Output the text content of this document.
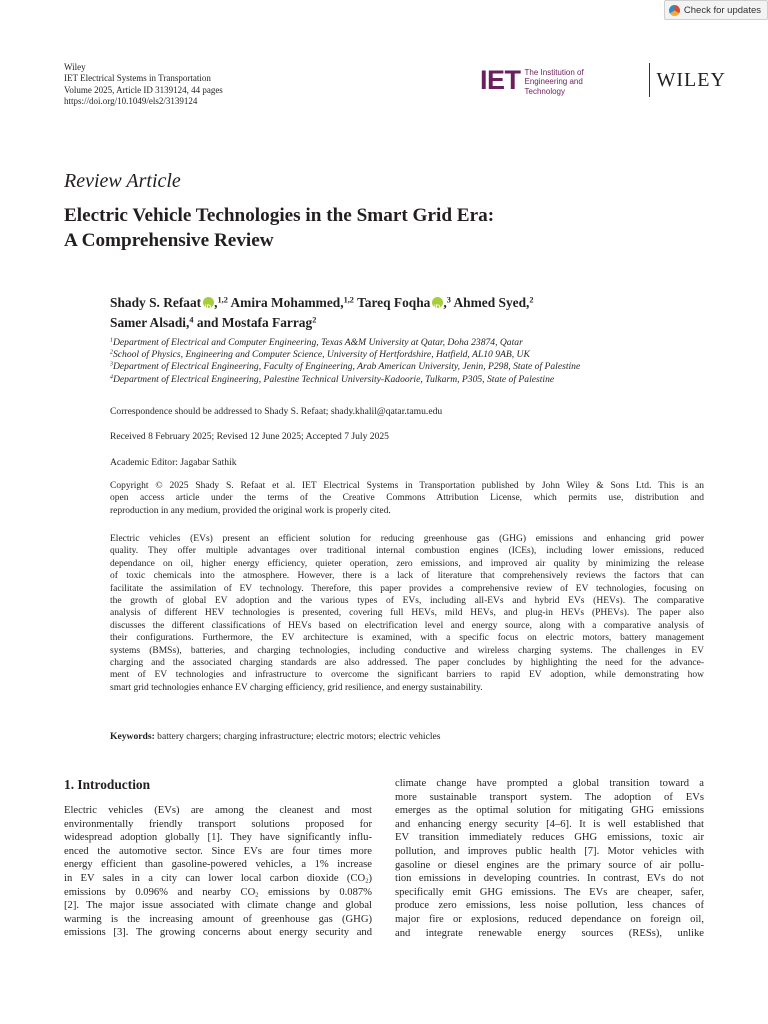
Check for updates
Wiley
IET Electrical Systems in Transportation
Volume 2025, Article ID 3139124, 44 pages
https://doi.org/10.1049/els2/3139124
IET The Institution of
Engineering and Technology
WILEY
Review Article
Electric Vehicle Technologies in the Smart Grid Era:
A Comprehensive Review
Shady S. Refaat iD ,$^{1,2}$ Amira Mohammed,$^{1,2}$ Tareq Foqha iD ,$^3$ Ahmed Syed,$^2$
Samer Alsadi,$^4$ and Mostafa Farrag$^2$
$^1$Department of Electrical and Computer Engineering, Texas A&M University at Qatar, Doha 23874, Qatar
$^2$School of Physics, Engineering and Computer Science, University of Hertfordshire, Hatfield, AL10 9AB, UK
$^3$Department of Electrical Engineering, Faculty of Engineering, Arab American University, Jenin, P298, State of Palestine
$^4$Department of Electrical Engineering, Palestine Technical University-Kadoorie, Tulkarm, P305, State of Palestine
Correspondence should be addressed to Shady S. Refaat; shady.khalil@qatar.tamu.edu
Received 8 February 2025; Revised 12 June 2025; Accepted 7 July 2025
Academic Editor: Jagabar Sathik
Copyright © 2025 Shady S. Refaat et al. IET Electrical Systems in Transportation published by John Wiley & Sons Ltd. This is an
open access article under the terms of the Creative Commons Attribution License, which permits use, distribution and
reproduction in any medium, provided the original work is properly cited.
Electric vehicles (EVs) present an efficient solution for reducing greenhouse gas (GHG) emissions and enhancing grid power
quality. They offer multiple advantages over traditional internal combustion engines (ICEs), including lower emissions, reduced
dependance on oil, higher energy efficiency, quieter operation, zero emissions, and improved air quality by minimizing the release
of toxic chemicals into the atmosphere. However, there is a lack of literature that comprehensively reviews the factors that can
facilitate the assimilation of EV technology. Therefore, this paper provides a comprehensive review of EV technologies, focusing on
the growth of global EV adoption and the various types of EVs, including all-EVs and hybrid EVs (HEVs). The comparative
analysis of different HEV technologies is presented, covering full HEVs, mild HEVs, and plug-in HEVs (PHEVs). The paper also
discusses the different classifications of HEVs based on electrification level and energy source, along with a comparative analysis of
their configurations. Furthermore, the EV architecture is examined, with a specific focus on electric motors, battery management
systems (BMSs), batteries, and charging technologies, including conductive and wireless charging systems. The challenges in EV
charging and the associated charging standards are also addressed. The paper concludes by highlighting the need for the advance-
ment of EV technologies and infrastructure to overcome the significant barriers to rapid EV adoption, while demonstrating how
smart grid technologies enhance EV charging efficiency, grid resilience, and energy sustainability.
Keywords: battery chargers; charging infrastructure; electric motors; electric vehicles
1. Introduction
Electric vehicles (EVs) are among the cleanest and most
environmentally friendly transport solutions proposed for
widespread adoption globally [1]. They have significantly influ-
enced the automotive sector. Since EVs are four times more
energy efficient than gasoline-powered vehicles, a 1% increase
in EV sales in a city can lower local carbon dioxide $(CO_2)$
emissions by 0.096% and nearby $CO_2$ emissions by 0.087%
[2]. The major issue associated with climate change and global
warming is the increasing amount of greenhouse gas (GHG)
emissions [3]. The growing concerns about energy security and
climate change have prompted a global transition toward a
more sustainable transport system. The adoption of EVs
emerges as the optimal solution for mitigating GHG emissions
and enhancing energy security [4–6]. It is well established that
EV transition immediately reduces GHG emissions, toxic air
pollution, and improves public health [7]. Motor vehicles with
gasoline or diesel engines are the primary source of air pollu-
tion emissions in developing countries. In contrast, EVs do not
specifically emit GHG emissions. The EVs are cheaper, safer,
produce zero emissions, less noise pollution, less chances of
major fire or explosions, reduced dependance on foreign oil,
and integrate renewable energy sources (RESs), unlike
